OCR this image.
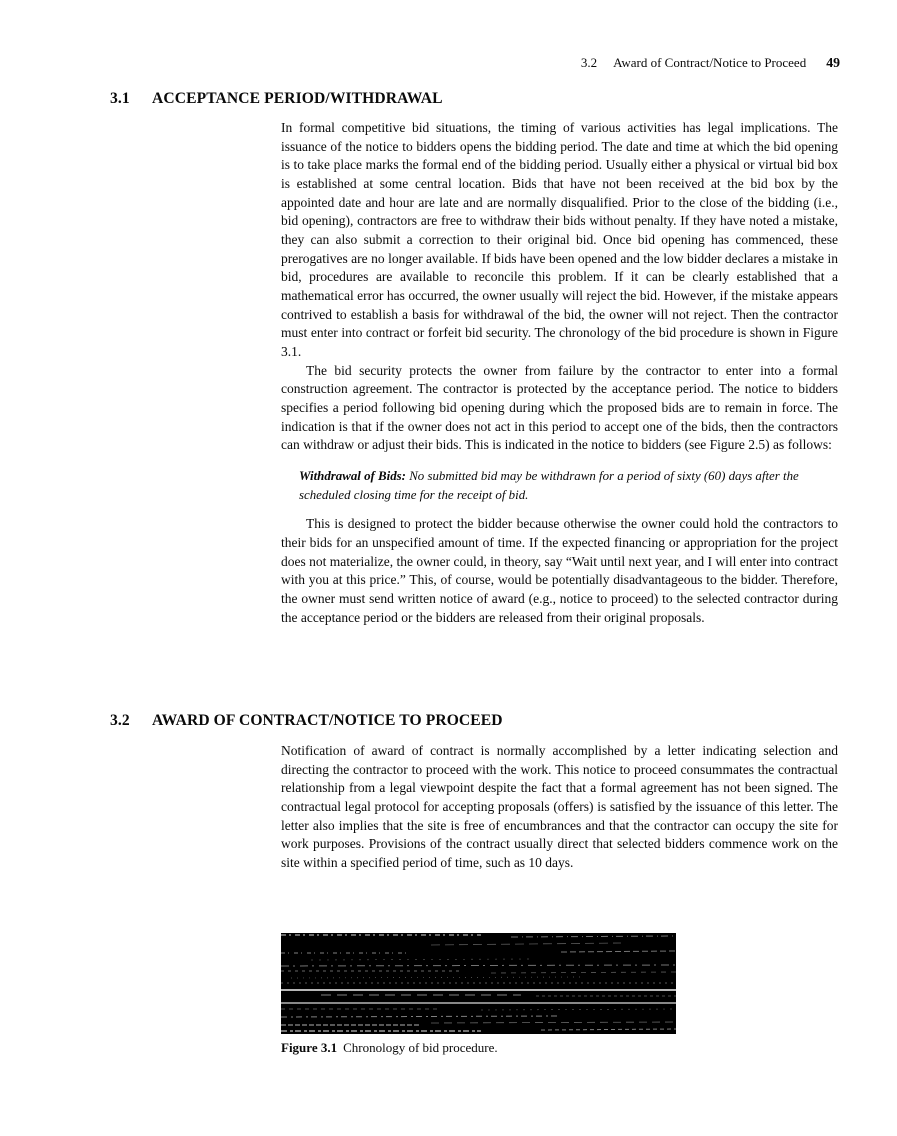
3.2 Award of Contract/Notice to Proceed 49
3.1 ACCEPTANCE PERIOD/WITHDRAWAL

In formal competitive bid situations, the timing of various activities has legal implications. The issuance of the notice to bidders opens the bidding period. The date and time at which the bid opening is to take place marks the formal end of the bidding period. Usually either a physical or virtual bid box is established at some central location. Bids that have not been received at the bid box by the appointed date and hour are late and are normally disqualified. Prior to the close of the bidding (i.e., bid opening), contractors are free to withdraw their bids without penalty. If they have noted a mistake, they can also submit a correction to their original bid. Once bid opening has commenced, these prerogatives are no longer available. If bids have been opened and the low bidder declares a mistake in bid, procedures are available to reconcile this problem. If it can be clearly established that a mathematical error has occurred, the owner usually will reject the bid. However, if the mistake appears contrived to establish a basis for withdrawal of the bid, the owner will not reject. Then the contractor must enter into contract or forfeit bid security. The chronology of the bid procedure is shown in Figure 3.1.

The bid security protects the owner from failure by the contractor to enter into a formal construction agreement. The contractor is protected by the acceptance period. The notice to bidders specifies a period following bid opening during which the proposed bids are to remain in force. The indication is that if the owner does not act in this period to accept one of the bids, then the contractors can withdraw or adjust their bids. This is indicated in the notice to bidders (see Figure 2.5) as follows:

Withdrawal of Bids: No submitted bid may be withdrawn for a period of sixty (60) days after the scheduled closing time for the receipt of bid.

This is designed to protect the bidder because otherwise the owner could hold the contractors to their bids for an unspecified amount of time. If the expected financing or appropriation for the project does not materialize, the owner could, in theory, say “Wait until next year, and I will enter into contract with you at this price.” This, of course, would be potentially disadvantageous to the bidder. Therefore, the owner must send written notice of award (e.g., notice to proceed) to the selected contractor during the acceptance period or the bidders are released from their original proposals.

3.2 AWARD OF CONTRACT/NOTICE TO PROCEED

Notification of award of contract is normally accomplished by a letter indicating selection and directing the contractor to proceed with the work. This notice to proceed consummates the contractual relationship from a legal viewpoint despite the fact that a formal agreement has not been signed. The contractual legal protocol for accepting proposals (offers) is satisfied by the issuance of this letter. The letter also implies that the site is free of encumbrances and that the contractor can occupy the site for work purposes. Provisions of the contract usually direct that selected bidders commence work on the site within a specified period of time, such as 10 days.

Figure 3.1 Chronology of bid procedure.
